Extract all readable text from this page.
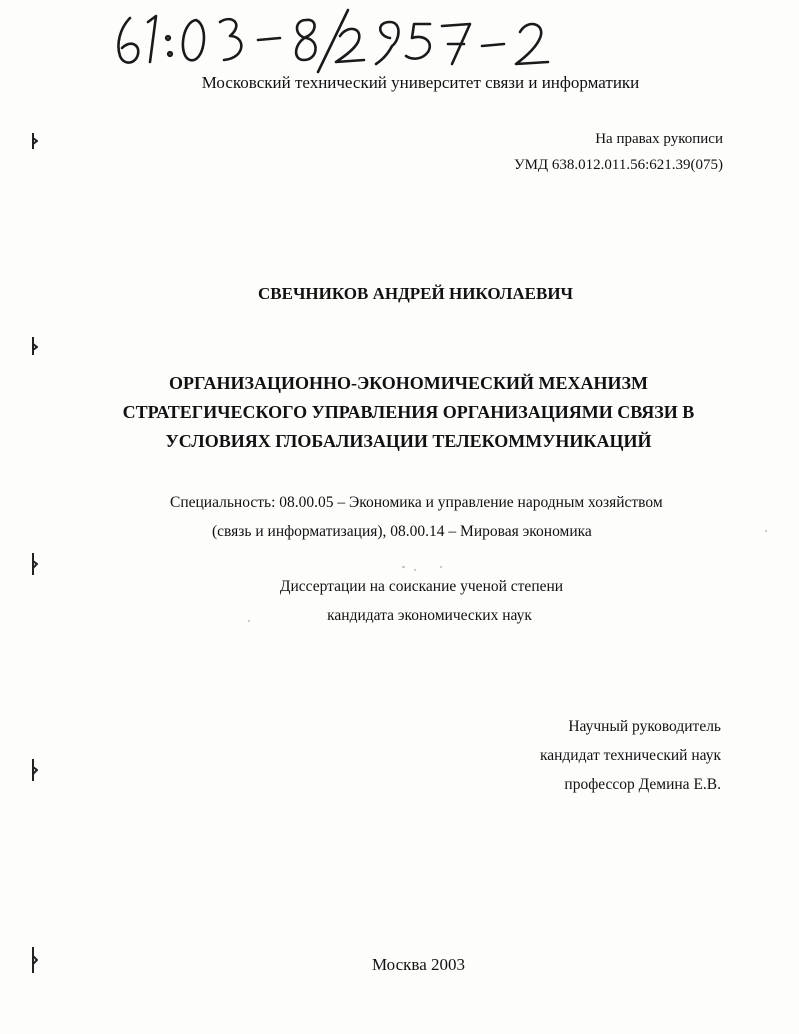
Московский технический университет связи и информатики
На правах рукописи
УМД 638.012.011.56:621.39(075)
СВЕЧНИКОВ АНДРЕЙ НИКОЛАЕВИЧ
ОРГАНИЗАЦИОННО-ЭКОНОМИЧЕСКИЙ МЕХАНИЗМ
СТРАТЕГИЧЕСКОГО УПРАВЛЕНИЯ ОРГАНИЗАЦИЯМИ СВЯЗИ В
УСЛОВИЯХ ГЛОБАЛИЗАЦИИ ТЕЛЕКОММУНИКАЦИЙ
Специальность: 08.00.05 – Экономика и управление народным хозяйством
(связь и информатизация), 08.00.14 – Мировая экономика
Диссертации на соискание ученой степени
кандидата экономических наук
Научный руководитель
кандидат технический наук
профессор Демина Е.В.
Москва 2003
